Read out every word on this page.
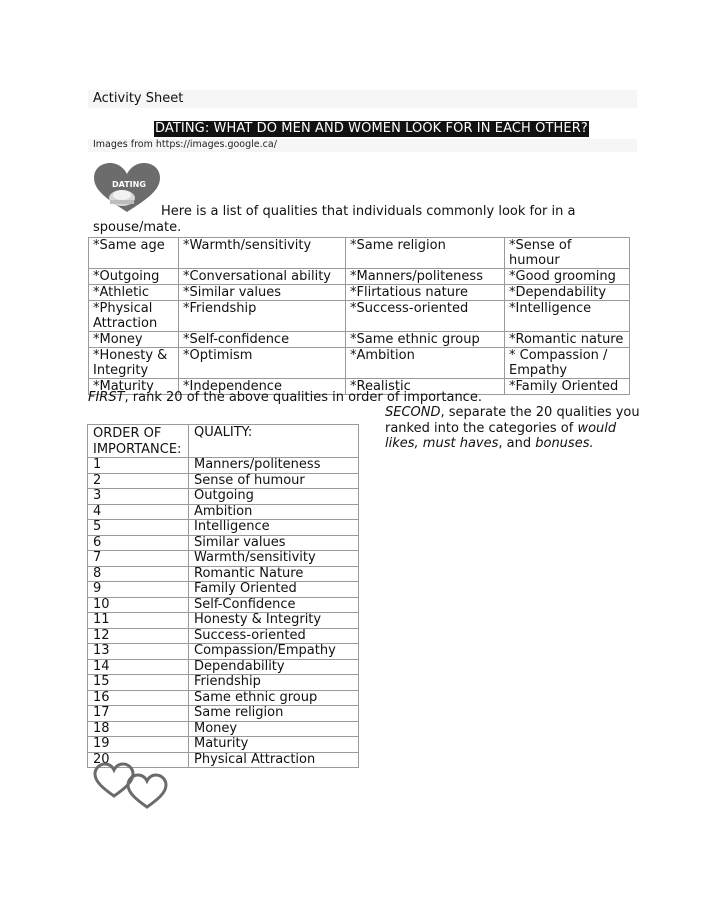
Activity Sheet
DATING: WHAT DO MEN AND WOMEN LOOK FOR IN EACH OTHER?
Images from https://images.google.ca/
DATING
Here is a list of qualities that individuals commonly look for in a spouse/mate.
*Same age	*Warmth/sensitivity	*Same religion	*Sense of humour
*Outgoing	*Conversational ability	*Manners/politeness	*Good grooming
*Athletic	*Similar values	*Flirtatious nature	*Dependability
*Physical Attraction	*Friendship	*Success-oriented	*Intelligence
*Money	*Self-confidence	*Same ethnic group	*Romantic nature
*Honesty & Integrity	*Optimism	*Ambition	* Compassion / Empathy
*Maturity	*Independence	*Realistic	*Family Oriented
FIRST, rank 20 of the above qualities in order of importance.
SECOND, separate the 20 qualities you ranked into the categories of would likes, must haves, and bonuses.
ORDER OF IMPORTANCE:	QUALITY:
1	Manners/politeness
2	Sense of humour
3	Outgoing
4	Ambition
5	Intelligence
6	Similar values
7	Warmth/sensitivity
8	Romantic Nature
9	Family Oriented
10	Self-Confidence
11	Honesty & Integrity
12	Success-oriented
13	Compassion/Empathy
14	Dependability
15	Friendship
16	Same ethnic group
17	Same religion
18	Money
19	Maturity
20	Physical Attraction
